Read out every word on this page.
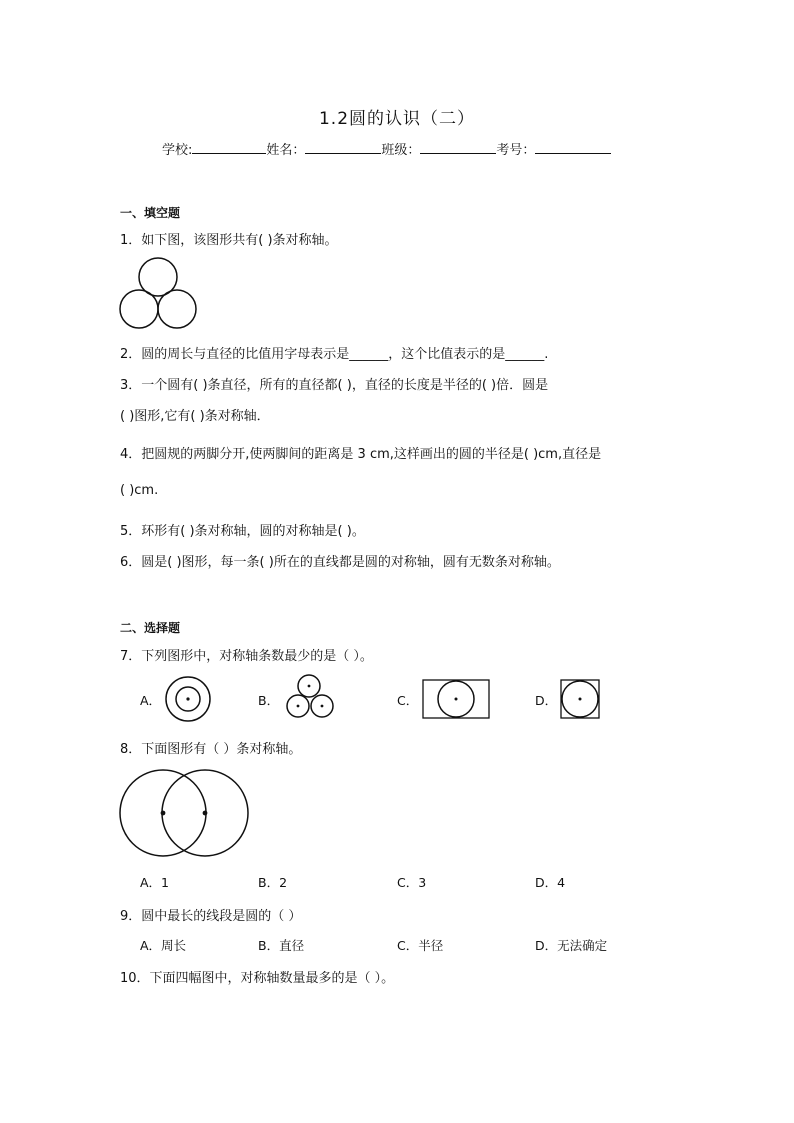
1.2圆的认识（二）
学校:	姓名：	班级：	考号：
一、填空题
1．如下图，该图形共有( )条对称轴。
2．圆的周长与直径的比值用字母表示是______，这个比值表示的是______.
3．一个圆有( )条直径，所有的直径都( )，直径的长度是半径的( )倍．圆是
( )图形,它有( )条对称轴．
4．把圆规的两脚分开,使两脚间的距离是 3 cm,这样画出的圆的半径是( )cm,直径是
( )cm.
5．环形有( )条对称轴，圆的对称轴是( )。
6．圆是( )图形，每一条( )所在的直线都是圆的对称轴，圆有无数条对称轴。
二、选择题
7．下列图形中，对称轴条数最少的是（ ）。
A．	B．	C．	D．
8．下面图形有（ ）条对称轴。
A．1	B．2	C．3	D．4
9．圆中最长的线段是圆的（ ）
A．周长	B．直径	C．半径	D．无法确定
10．下面四幅图中，对称轴数量最多的是（ ）。
